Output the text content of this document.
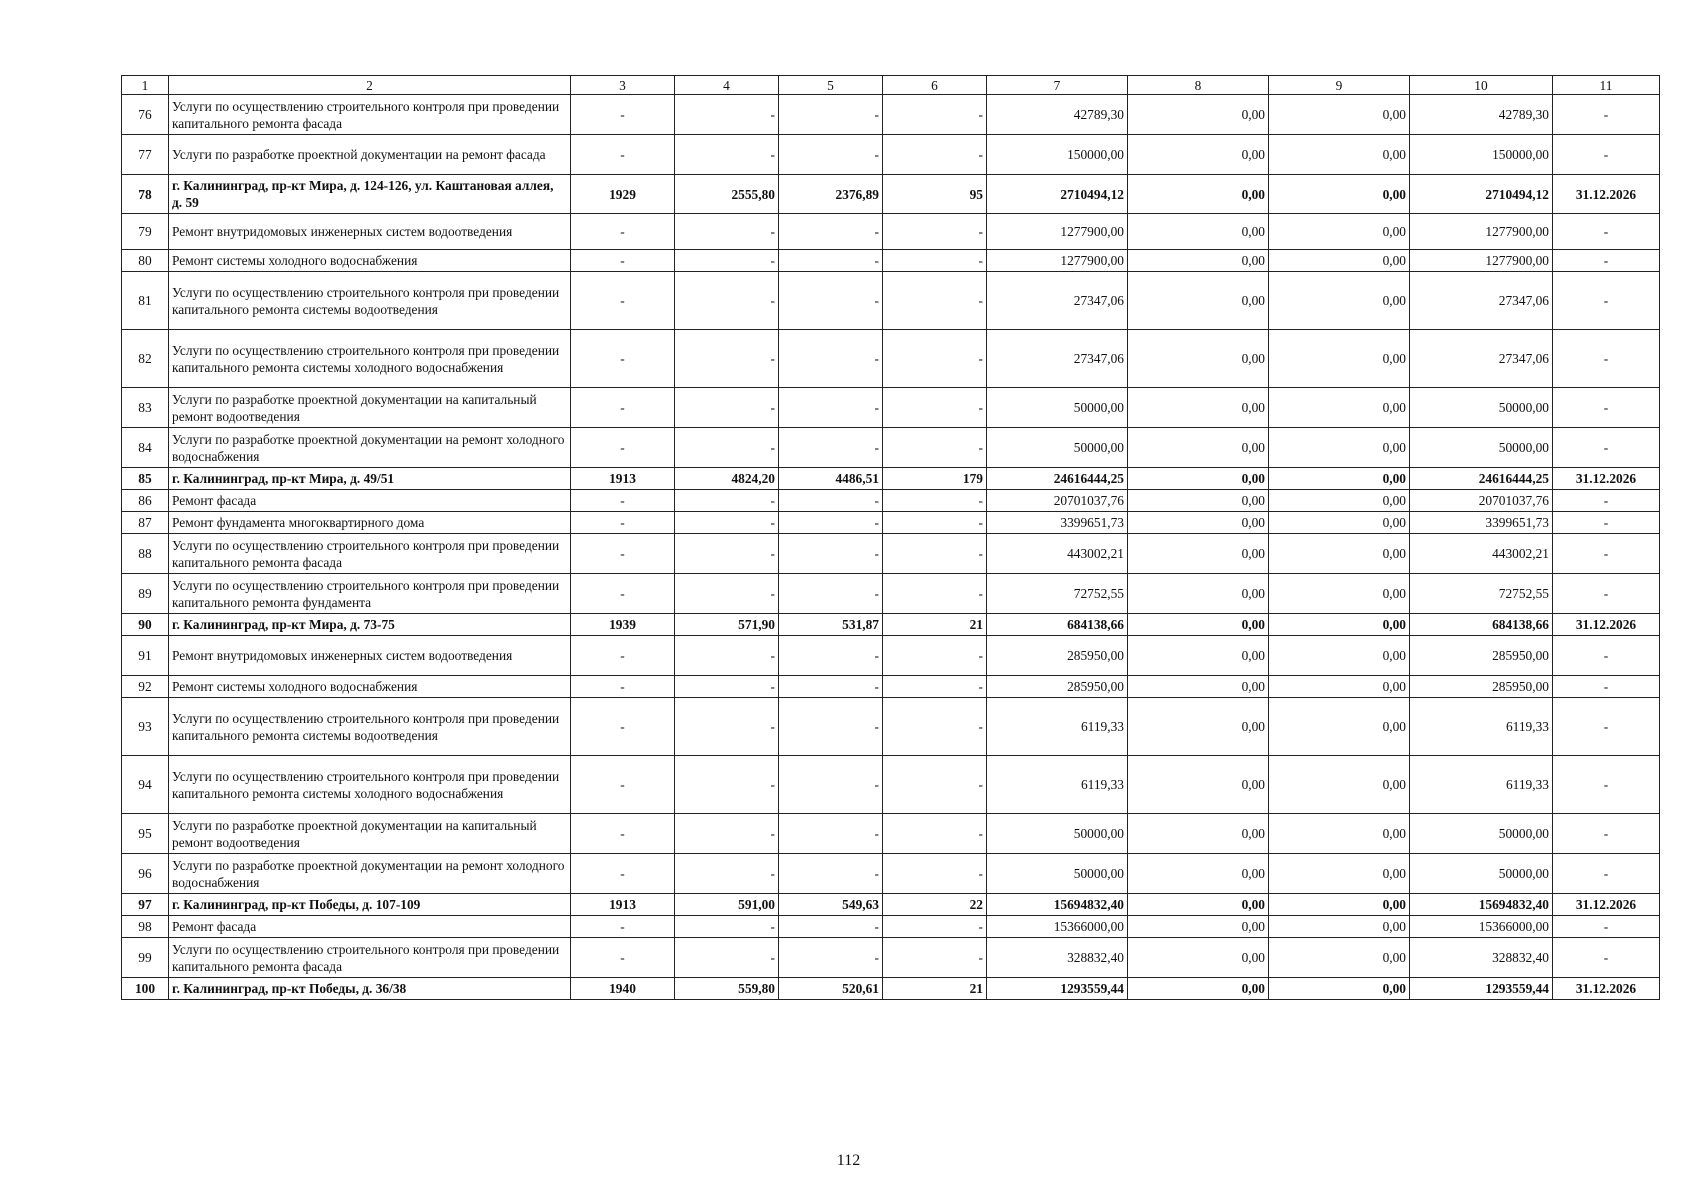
1	2	3	4	5	6	7	8	9	10	11
76	Услуги по осуществлению строительного контроля при проведении капитального ремонта фасада	-	-	-	-	42789,30	0,00	0,00	42789,30	-
77	Услуги по разработке проектной документации на ремонт фасада	-	-	-	-	150000,00	0,00	0,00	150000,00	-
78	г. Калининград, пр-кт Мира, д. 124-126, ул. Каштановая аллея, д. 59	1929	2555,80	2376,89	95	2710494,12	0,00	0,00	2710494,12	31.12.2026
79	Ремонт внутридомовых инженерных систем водоотведения	-	-	-	-	1277900,00	0,00	0,00	1277900,00	-
80	Ремонт системы холодного водоснабжения	-	-	-	-	1277900,00	0,00	0,00	1277900,00	-
81	Услуги по осуществлению строительного контроля при проведении капитального ремонта системы водоотведения	-	-	-	-	27347,06	0,00	0,00	27347,06	-
82	Услуги по осуществлению строительного контроля при проведении капитального ремонта системы холодного водоснабжения	-	-	-	-	27347,06	0,00	0,00	27347,06	-
83	Услуги по разработке проектной документации на капитальный ремонт водоотведения	-	-	-	-	50000,00	0,00	0,00	50000,00	-
84	Услуги по разработке проектной документации на ремонт холодного водоснабжения	-	-	-	-	50000,00	0,00	0,00	50000,00	-
85	г. Калининград, пр-кт Мира, д. 49/51	1913	4824,20	4486,51	179	24616444,25	0,00	0,00	24616444,25	31.12.2026
86	Ремонт фасада	-	-	-	-	20701037,76	0,00	0,00	20701037,76	-
87	Ремонт фундамента многоквартирного дома	-	-	-	-	3399651,73	0,00	0,00	3399651,73	-
88	Услуги по осуществлению строительного контроля при проведении капитального ремонта фасада	-	-	-	-	443002,21	0,00	0,00	443002,21	-
89	Услуги по осуществлению строительного контроля при проведении капитального ремонта фундамента	-	-	-	-	72752,55	0,00	0,00	72752,55	-
90	г. Калининград, пр-кт Мира, д. 73-75	1939	571,90	531,87	21	684138,66	0,00	0,00	684138,66	31.12.2026
91	Ремонт внутридомовых инженерных систем водоотведения	-	-	-	-	285950,00	0,00	0,00	285950,00	-
92	Ремонт системы холодного водоснабжения	-	-	-	-	285950,00	0,00	0,00	285950,00	-
93	Услуги по осуществлению строительного контроля при проведении капитального ремонта системы водоотведения	-	-	-	-	6119,33	0,00	0,00	6119,33	-
94	Услуги по осуществлению строительного контроля при проведении капитального ремонта системы холодного водоснабжения	-	-	-	-	6119,33	0,00	0,00	6119,33	-
95	Услуги по разработке проектной документации на капитальный ремонт водоотведения	-	-	-	-	50000,00	0,00	0,00	50000,00	-
96	Услуги по разработке проектной документации на ремонт холодного водоснабжения	-	-	-	-	50000,00	0,00	0,00	50000,00	-
97	г. Калининград, пр-кт Победы, д. 107-109	1913	591,00	549,63	22	15694832,40	0,00	0,00	15694832,40	31.12.2026
98	Ремонт фасада	-	-	-	-	15366000,00	0,00	0,00	15366000,00	-
99	Услуги по осуществлению строительного контроля при проведении капитального ремонта фасада	-	-	-	-	328832,40	0,00	0,00	328832,40	-
100	г. Калининград, пр-кт Победы, д. 36/38	1940	559,80	520,61	21	1293559,44	0,00	0,00	1293559,44	31.12.2026
112
